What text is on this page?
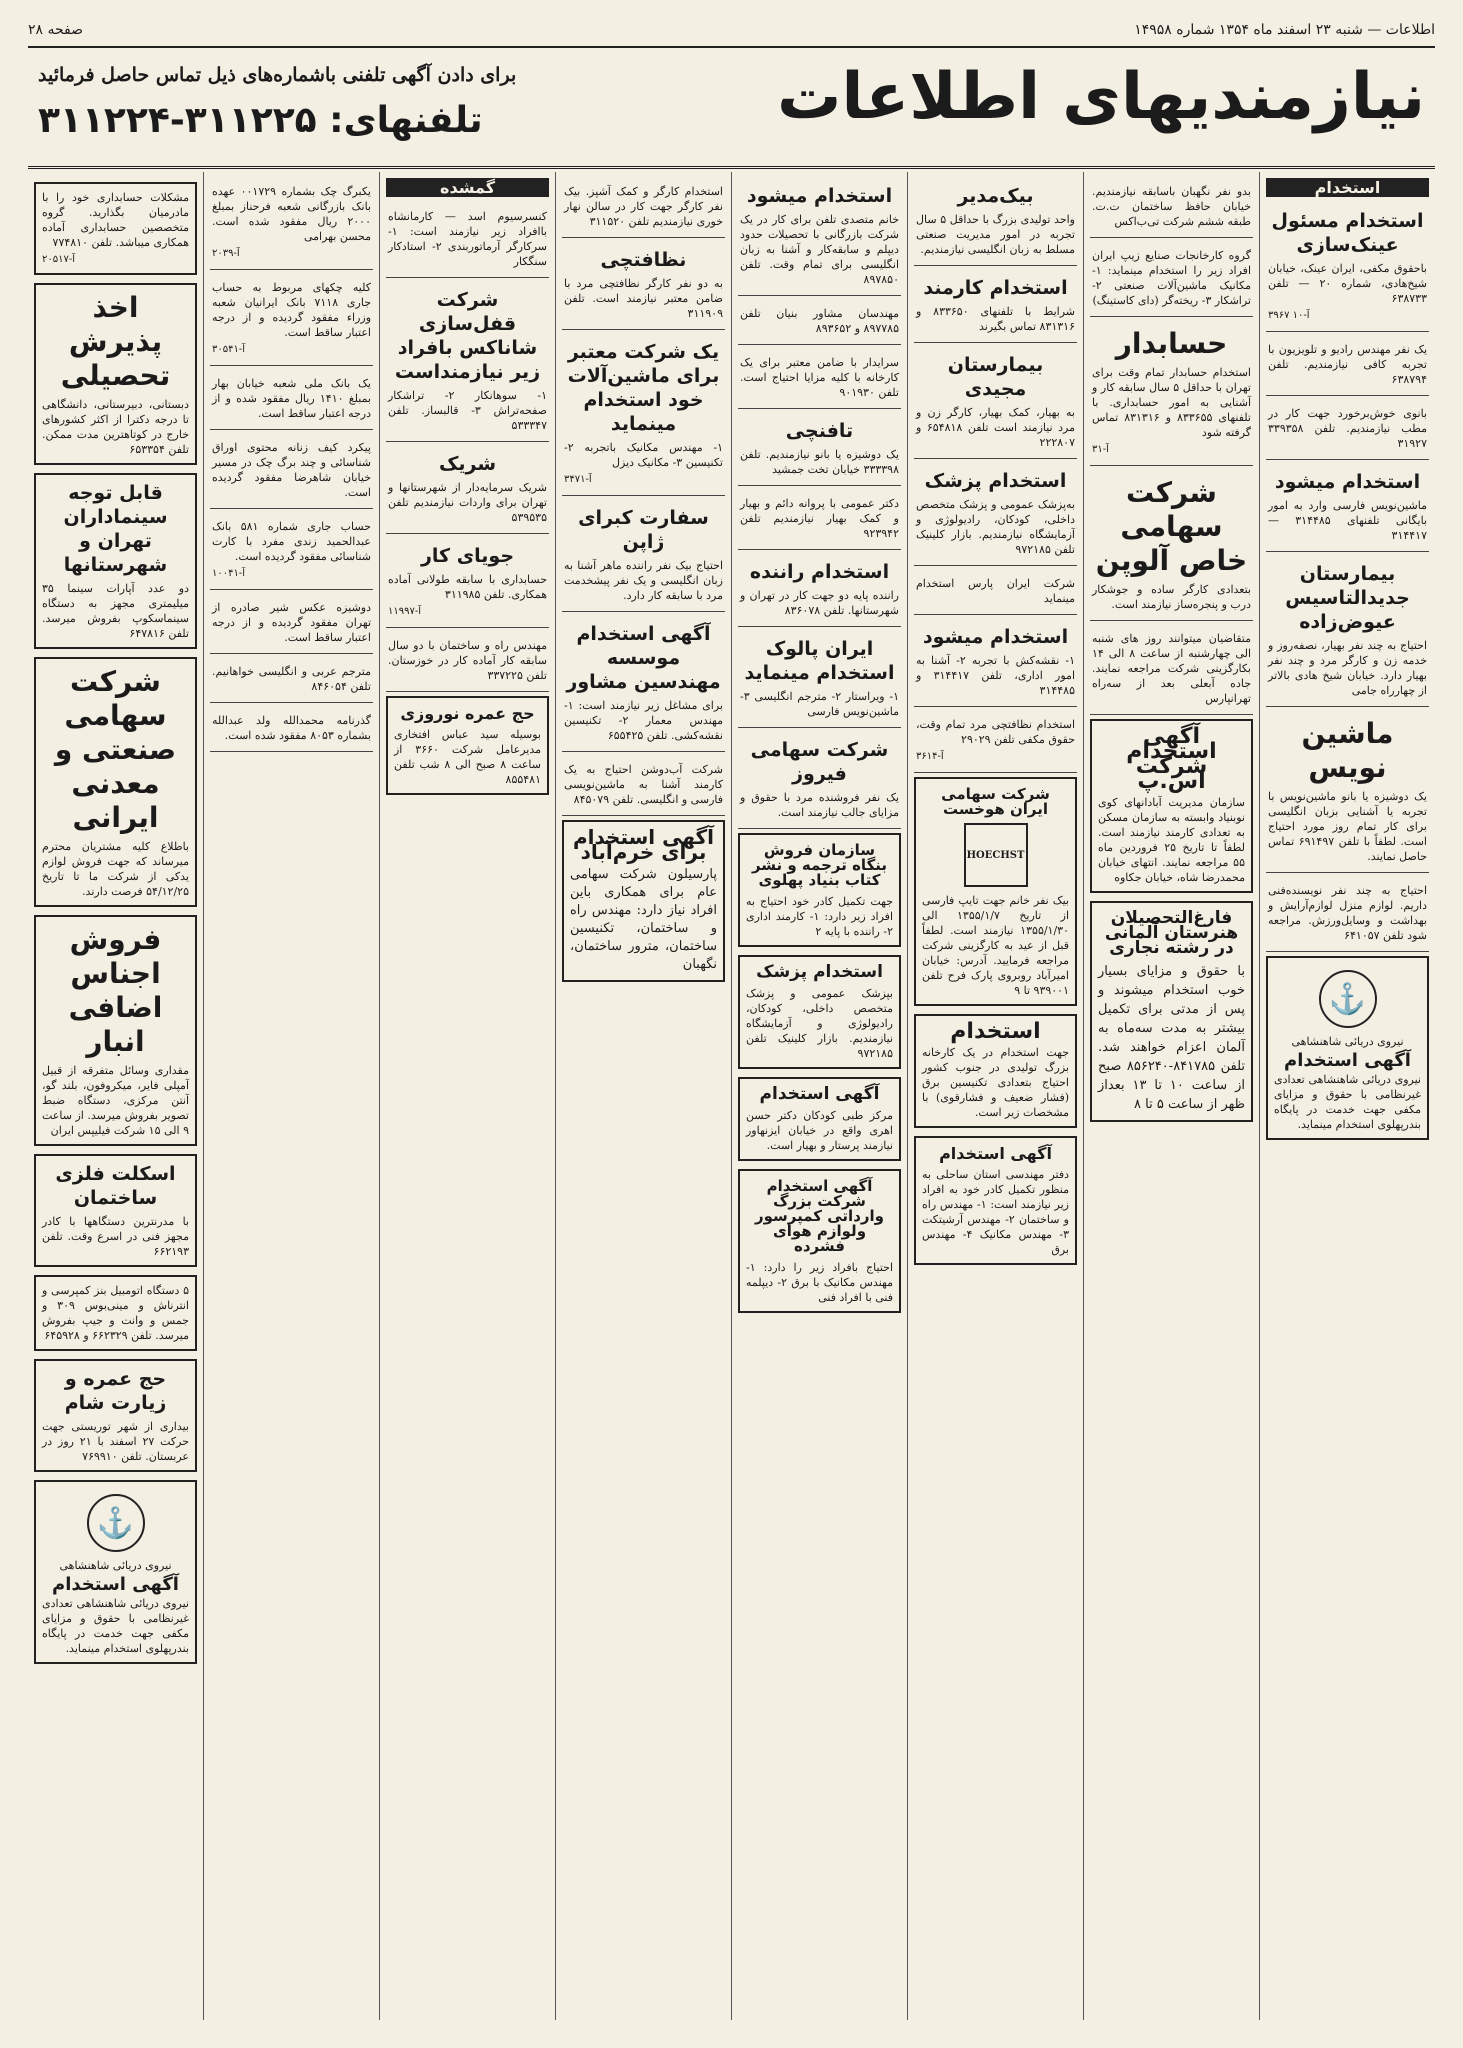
اطلاعات — شنبه ۲۳ اسفند ماه ۱۳۵۴ شماره ۱۴۹۵۸
صفحه ۲۸
نیازمندیهای اطلاعات
برای دادن آگهی تلفنی باشماره‌های ذیل تماس حاصل فرمائید
تلفنهای: ۳۱۱۲۲۵-۳۱۱۲۲۴
استخدام
استخدام مسئول عینک‌سازی

باحقوق مکفی، ایران عینک، خیابان شیخ‌هادی، شماره ۲۰ — تلفن ۶۳۸۷۳۳

آ-۱۰ ۳۹۶۷

یک نفر مهندس رادیو و تلویزیون با تجربه کافی نیازمندیم. تلفن ۶۳۸۷۹۴

بانوی خوش‌برخورد جهت کار در مطب نیازمندیم. تلفن ۳۳۹۳۵۸ ۳۱۹۲۷

استخدام میشود

ماشین‌نویس فارسی وارد به امور بایگانی تلفنهای ۳۱۴۴۸۵ — ۳۱۴۴۱۷

بیمارستان جدیدالتاسیس عیوض‌زاده

احتیاج به چند نفر بهیار، نصفه‌روز و خدمه زن و کارگر مرد و چند نفر بهیار دارد. خیابان شیخ هادی بالاتر از چهارراه جامی

ماشین نویس

یک دوشیزه یا بانو ماشین‌نویس با تجربه یا آشنایی بزبان انگلیسی برای کار تمام روز مورد احتیاج است. لطفاً با تلفن ۶۹۱۴۹۷ تماس حاصل نمایند.

احتیاج به چند نفر نویسنده‌فنی داریم. لوازم منزل لوازم‌آرایش و بهداشت و وسایل‌ورزش. مراجعه شود تلفن ۶۴۱۰۵۷

⚓
نیروی دریائی شاهنشاهی
آگهی استخدام

نیروی دریائی شاهنشاهی تعدادی غیرنظامی با حقوق و مزایای مکفی جهت خدمت در پایگاه بندرپهلوی استخدام مینماید.

بدو نفر نگهبان باسابقه نیازمندیم. خیابان حافظ ساختمان ت.ت. طبقه ششم شرکت تی‌ب‌اکس

گروه کارخانجات صنایع زیپ ایران افراد زیر را استخدام مینماید: ۱- مکانیک ماشین‌آلات صنعتی ۲- تراشکار ۳- ریخته‌گر (دای کاستینگ)

حسابدار

استخدام حسابدار تمام وقت برای تهران با حداقل ۵ سال سابقه کار و آشنایی به امور حسابداری. با تلفنهای ۸۳۳۶۵۵ و ۸۳۱۳۱۶ تماس گرفته شود

آ-۳۱
شرکت سهامی خاص آلوپن

بتعدادی کارگر ساده و جوشکار درب و پنجره‌ساز نیازمند است.

متقاضیان میتوانند روز های شنبه الی چهارشنبه از ساعت ۸ الی ۱۴ بکارگزینی شرکت مراجعه نمایند. جاده آبعلی بعد از سه‌راه تهرانپارس

آگهی استخدام شرکت اس.پ

سازمان مدیریت آبادانهای کوی نوبنیاد وابسته به سازمان مسکن به تعدادی کارمند نیازمند است. لطفاً تا تاریخ ۲۵ فروردین ماه ۵۵ مراجعه نمایند. انتهای خیابان محمدرضا شاه، خیابان جکاوه

فارغ‌التحصیلان هنرستان آلمانی در رشته نجاری

با حقوق و مزایای بسیار خوب استخدام میشوند و پس از مدتی برای تکمیل بیشتر به مدت سه‌ماه به آلمان اعزام خواهند شد. تلفن ۸۴۱۷۸۵-۸۵۶۲۴۰ صبح از ساعت ۱۰ تا ۱۳ بعداز ظهر از ساعت ۵ تا ۸

بیک‌مدیر

واحد تولیدی بزرگ با حداقل ۵ سال تجربه در امور مدیریت صنعتی مسلط به زبان انگلیسی نیازمندیم.

استخدام کارمند

شرایط با تلفنهای ۸۳۳۶۵۰ و ۸۳۱۳۱۶ تماس بگیرند

بیمارستان مجیدی

به بهیار، کمک بهیار، کارگر زن و مرد نیازمند است تلفن ۶۵۴۸۱۸ و ۲۲۲۸۰۷

استخدام پزشک

به‌پزشک عمومی و پزشک متخصص داخلی، کودکان، رادیولوژی و آزمایشگاه نیازمندیم. بازار کلینیک تلفن ۹۷۲۱۸۵

شرکت ایران پارس استخدام مینماید

استخدام میشود

۱- نقشه‌کش با تجربه ۲- آشنا به امور اداری، تلفن ۳۱۴۴۱۷ و ۳۱۴۴۸۵

استخدام نظافتچی مرد تمام وقت، حقوق مکفی تلفن ۲۹۰۲۹

آ-۳۶۱۴
شرکت سهامی ایران هوخست
HOECHST

بیک نفر خانم جهت تایپ فارسی از تاریخ ۱۳۵۵/۱/۷ الی ۱۳۵۵/۱/۳۰ نیازمند است. لطفاً قبل از عید به کارگزینی شرکت مراجعه فرمایید. آدرس: خیابان امیرآباد روبروی پارک فرح تلفن ۹۳۹۰۰۱ تا ۹

استخدام

جهت استخدام در یک کارخانه بزرگ تولیدی در جنوب کشور احتیاج بتعدادی تکنیسین برق (فشار ضعیف و فشارقوی) با مشخصات زیر است.

آگهی استخدام

دفتر مهندسی استان ساحلی به منظور تکمیل کادر خود به افراد زیر نیازمند است: ۱- مهندس راه و ساختمان ۲- مهندس آرشیتکت ۳- مهندس مکانیک ۴- مهندس برق

استخدام میشود

خانم متصدی تلفن برای کار در یک شرکت بازرگانی با تحصیلات حدود دیپلم و سابقه‌کار و آشنا به زبان انگلیسی برای تمام وقت. تلفن ۸۹۷۸۵۰

مهندسان مشاور بنیان تلفن ۸۹۷۷۸۵ و ۸۹۳۶۵۲

سرایدار با ضامن معتبر برای یک کارخانه با کلیه مزایا احتیاج است. تلفن ۹۰۱۹۳۰

تافنچی

یک دوشیزه یا بانو نیازمندیم. تلفن ۳۳۳۳۹۸ خیابان تخت جمشید

دکتر عمومی با پروانه دائم و بهیار و کمک بهیار نیازمندیم تلفن ۹۲۳۹۴۲

استخدام راننده

راننده پایه دو جهت کار در تهران و شهرستانها. تلفن ۸۳۶۰۷۸

ایران پالوک استخدام مینماید

۱- ویراستار ۲- مترجم انگلیسی ۳- ماشین‌نویس فارسی

شرکت سهامی فیروز

یک نفر فروشنده مرد با حقوق و مزایای جالب نیازمند است.

سازمان فروش بنگاه ترجمه و نشر کتاب بنیاد پهلوی

جهت تکمیل کادر خود احتیاج به افراد زیر دارد: ۱- کارمند اداری ۲- راننده با پایه ۲

استخدام پزشک

بپزشک عمومی و پزشک متخصص داخلی، کودکان، رادیولوژی و آزمایشگاه نیازمندیم. بازار کلینیک تلفن ۹۷۲۱۸۵

آگهی استخدام

مرکز طبی کودکان دکتر حسن اهری واقع در خیابان ایزنهاور نیازمند پرستار و بهیار است.

آگهی استخدام شرکت بزرگ وارداتی کمپرسور ولوازم هوای فشرده

احتیاج بافراد زیر را دارد: ۱- مهندس مکانیک با برق ۲- دیپلمه فنی با افراد فنی

استخدام کارگر و کمک آشپز. بیک نفر کارگر جهت کار در سالن نهار خوری نیازمندیم تلفن ۳۱۱۵۲۰

نظافتچی

به دو نفر کارگر نظافتچی مرد با ضامن معتبر نیازمند است. تلفن ۳۱۱۹۰۹

یک شرکت معتبر برای ماشین‌آلات خود استخدام مینماید

۱- مهندس مکانیک باتجربه ۲- تکنیسین ۳- مکانیک دیزل

آ-۳۴۷۱
سفارت کبرای ژاپن

احتیاج بیک نفر راننده ماهر آشنا به زبان انگلیسی و یک نفر پیشخدمت مرد با سابقه کار دارد.

آگهی استخدام موسسه مهندسین مشاور

برای مشاغل زیر نیازمند است: ۱- مهندس معمار ۲- تکنیسین نقشه‌کشی. تلفن ۶۵۵۴۲۵

شرکت آب‌دوشن احتیاج به یک کارمند آشنا به ماشین‌نویسی فارسی و انگلیسی. تلفن ۸۴۵۰۷۹

آگهی استخدام برای خرم‌آباد

پارسیلون شرکت سهامی عام برای همکاری باین افراد نیاز دارد: مهندس راه و ساختمان، تکنیسین ساختمان، مترور ساختمان، نگهبان

گمشده

کنسرسیوم اسد — کارمانشاه باافراد زیر نیازمند است: ۱- سرکارگر آرماتوربندی ۲- استادکار سنگکار

شرکت قفل‌سازی شاناکس بافراد زیر نیازمنداست

۱- سوهانکار ۲- تراشکار صفحه‌تراش ۳- قالبساز. تلفن ۵۳۳۳۴۷

شریک

شریک سرمایه‌دار از شهرستانها و تهران برای واردات نیازمندیم تلفن ۵۳۹۵۳۵

جویای کار

حسابداری با سابقه طولانی آماده همکاری. تلفن ۳۱۱۹۸۵

آ-۱۱۹۹۷

مهندس راه و ساختمان با دو سال سابقه کار آماده کار در خوزستان. تلفن ۳۳۷۲۲۵

حج عمره نوروزی

بوسیله سید عباس افتخاری مدیرعامل شرکت ۳۶۶۰ از ساعت ۸ صبح الی ۸ شب تلفن ۸۵۵۴۸۱

یکبرگ چک بشماره ۰۰۱۷۲۹ عهده بانک بازرگانی شعبه فرحناز بمبلغ ۲۰۰۰ ریال مفقود شده است. محسن بهرامی

آ-۲۰۳۹

کلیه چکهای مربوط به حساب جاری ۷۱۱۸ بانک ایرانیان شعبه وزراء مفقود گردیده و از درجه اعتبار ساقط است.

آ-۳۰۵۴۱

یک بانک ملی شعبه خیابان بهار بمبلغ ۱۴۱۰ ریال مفقود شده و از درجه اعتبار ساقط است.

پیکرد کیف زنانه محتوی اوراق شناسائی و چند برگ چک در مسیر خیابان شاهرضا مفقود گردیده است.

حساب جاری شماره ۵۸۱ بانک عبدالحمید زندی مفرد با کارت شناسائی مفقود گردیده است.

آ-۱۰۰۴۱

دوشیزه عکس شیر صادره از تهران مفقود گردیده و از درجه اعتبار ساقط است.

مترجم عربی و انگلیسی خواهانیم. تلفن ۸۴۶۰۵۴

گذرنامه محمدالله ولد عبدالله بشماره ۸۰۵۳ مفقود شده است.

مشکلات حسابداری خود را با مادرمیان بگذارید. گروه متخصصین حسابداری آماده همکاری میباشد. تلفن ۷۷۴۸۱۰

آ-۲۰۵۱۷
اخذ پذیرش تحصیلی

دبستانی، دبیرستانی، دانشگاهی تا درجه دکترا از اکثر کشورهای خارج در کوتاهترین مدت ممکن. تلفن ۶۵۳۳۵۴

قابل توجه سینماداران تهران و شهرستانها

دو عدد آپارات سینما ۳۵ میلیمتری مجهز به دستگاه سینماسکوپ بفروش میرسد. تلفن ۶۴۷۸۱۶

شرکت سهامی صنعتی و معدنی ایرانی

باطلاع کلیه مشتریان محترم میرساند که جهت فروش لوازم یدکی از شرکت ما تا تاریخ ۵۴/۱۲/۲۵ فرصت دارند.

فروش اجناس اضافی انبار

مقداری وسائل متفرقه از قبیل آمپلی فایر، میکروفون، بلند گو، آنتن مرکزی، دستگاه ضبط تصویر بفروش میرسد. از ساعت ۹ الی ۱۵ شرکت فیلیپس ایران

اسکلت فلزی ساختمان

با مدرنترین دستگاهها با کادر مجهز فنی در اسرع وقت. تلفن ۶۶۲۱۹۳

۵ دستگاه اتومبیل بنز کمپرسی و انترناش و مینی‌بوس ۳۰۹ و جمس و وانت و جیپ بفروش میرسد. تلفن ۶۶۲۳۲۹ و ۶۴۵۹۲۸

حج عمره و زیارت شام

بیداری از شهر توریستی جهت حرکت ۲۷ اسفند با ۲۱ روز در عربستان. تلفن ۷۶۹۹۱۰

⚓
نیروی دریائی شاهنشاهی
آگهی استخدام

نیروی دریائی شاهنشاهی تعدادی غیرنظامی با حقوق و مزایای مکفی جهت خدمت در پایگاه بندرپهلوی استخدام مینماید.
